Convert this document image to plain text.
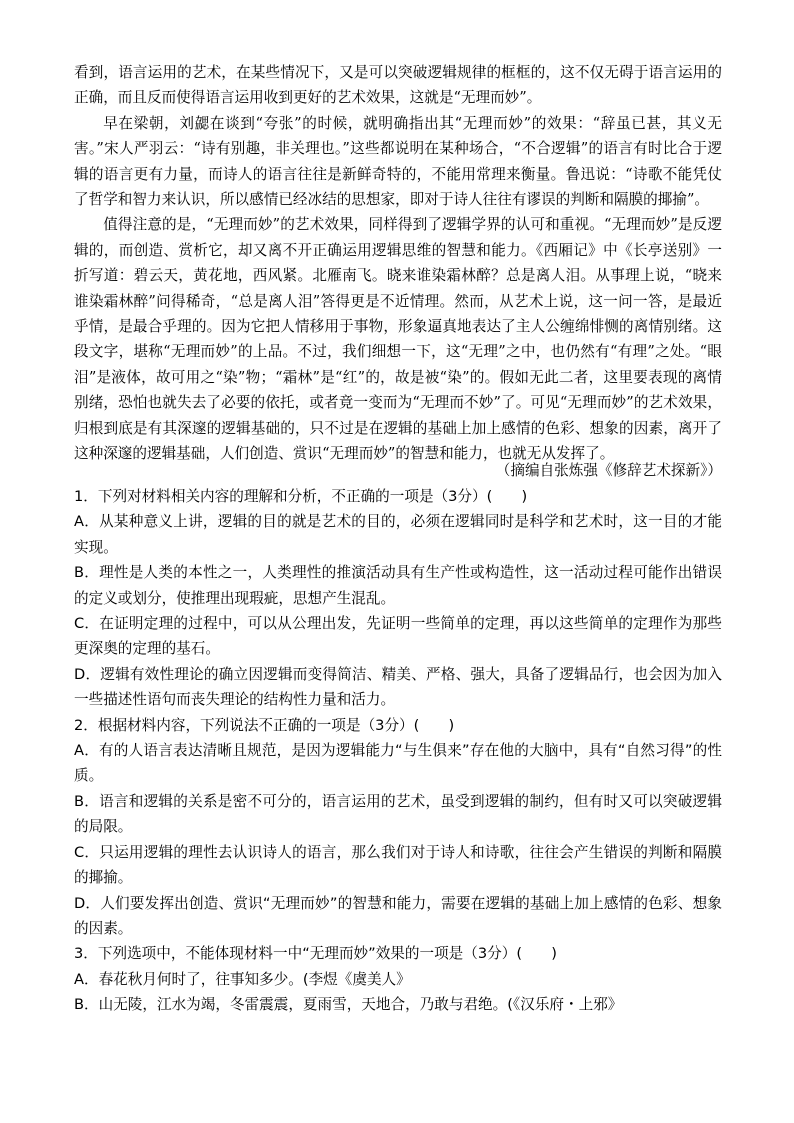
看到，语言运用的艺术，在某些情况下，又是可以突破逻辑规律的框框的，这不仅无碍于语言运用的正确，而且反而使得语言运用收到更好的艺术效果，这就是“无理而妙”。

早在梁朝，刘勰在谈到“夸张”的时候，就明确指出其“无理而妙”的效果：“辞虽已甚，其义无害。”宋人严羽云：“诗有别趣，非关理也。”这些都说明在某种场合，“不合逻辑”的语言有时比合于逻辑的语言更有力量，而诗人的语言往往是新鲜奇特的，不能用常理来衡量。鲁迅说：“诗歌不能凭仗了哲学和智力来认识，所以感情已经冰结的思想家，即对于诗人往往有谬误的判断和隔膜的揶揄”。

值得注意的是，“无理而妙”的艺术效果，同样得到了逻辑学界的认可和重视。“无理而妙”是反逻辑的，而创造、赏析它，却又离不开正确运用逻辑思维的智慧和能力。《西厢记》中《长亭送别》一折写道：碧云天，黄花地，西风紧。北雁南飞。晓来谁染霜林醉？总是离人泪。从事理上说，“晓来谁染霜林醉”问得稀奇，“总是离人泪”答得更是不近情理。然而，从艺术上说，这一问一答，是最近乎情，是最合乎理的。因为它把人情移用于事物，形象逼真地表达了主人公缠绵悱恻的离情别绪。这段文字，堪称“无理而妙”的上品。不过，我们细想一下，这“无理”之中，也仍然有“有理”之处。“眼泪”是液体，故可用之“染”物；“霜林”是“红”的，故是被“染”的。假如无此二者，这里要表现的离情别绪，恐怕也就失去了必要的依托，或者竟一变而为“无理而不妙”了。可见“无理而妙”的艺术效果，归根到底是有其深邃的逻辑基础的，只不过是在逻辑的基础上加上感情的色彩、想象的因素，离开了这种深邃的逻辑基础，人们创造、赏识“无理而妙”的智慧和能力，也就无从发挥了。

（摘编自张炼强《修辞艺术探新》）

1．下列对材料相关内容的理解和分析，不正确的一项是（3分）(　　)

A．从某种意义上讲，逻辑的目的就是艺术的目的，必须在逻辑同时是科学和艺术时，这一目的才能实现。

B．理性是人类的本性之一，人类理性的推演活动具有生产性或构造性，这一活动过程可能作出错误的定义或划分，使推理出现瑕疵，思想产生混乱。

C．在证明定理的过程中，可以从公理出发，先证明一些简单的定理，再以这些简单的定理作为那些更深奥的定理的基石。

D．逻辑有效性理论的确立因逻辑而变得简洁、精美、严格、强大，具备了逻辑品行，也会因为加入一些描述性语句而丧失理论的结构性力量和活力。

2．根据材料内容，下列说法不正确的一项是（3分）(　　)

A．有的人语言表达清晰且规范，是因为逻辑能力“与生俱来”存在他的大脑中，具有“自然习得”的性质。

B．语言和逻辑的关系是密不可分的，语言运用的艺术，虽受到逻辑的制约，但有时又可以突破逻辑的局限。

C．只运用逻辑的理性去认识诗人的语言，那么我们对于诗人和诗歌，往往会产生错误的判断和隔膜的揶揄。

D．人们要发挥出创造、赏识“无理而妙”的智慧和能力，需要在逻辑的基础上加上感情的色彩、想象的因素。

3．下列选项中，不能体现材料一中“无理而妙”效果的一项是（3分）(　　)

A．春花秋月何时了，往事知多少。(李煜《虞美人》

B．山无陵，江水为竭，冬雷震震，夏雨雪，天地合，乃敢与君绝。(《汉乐府・上邪》
